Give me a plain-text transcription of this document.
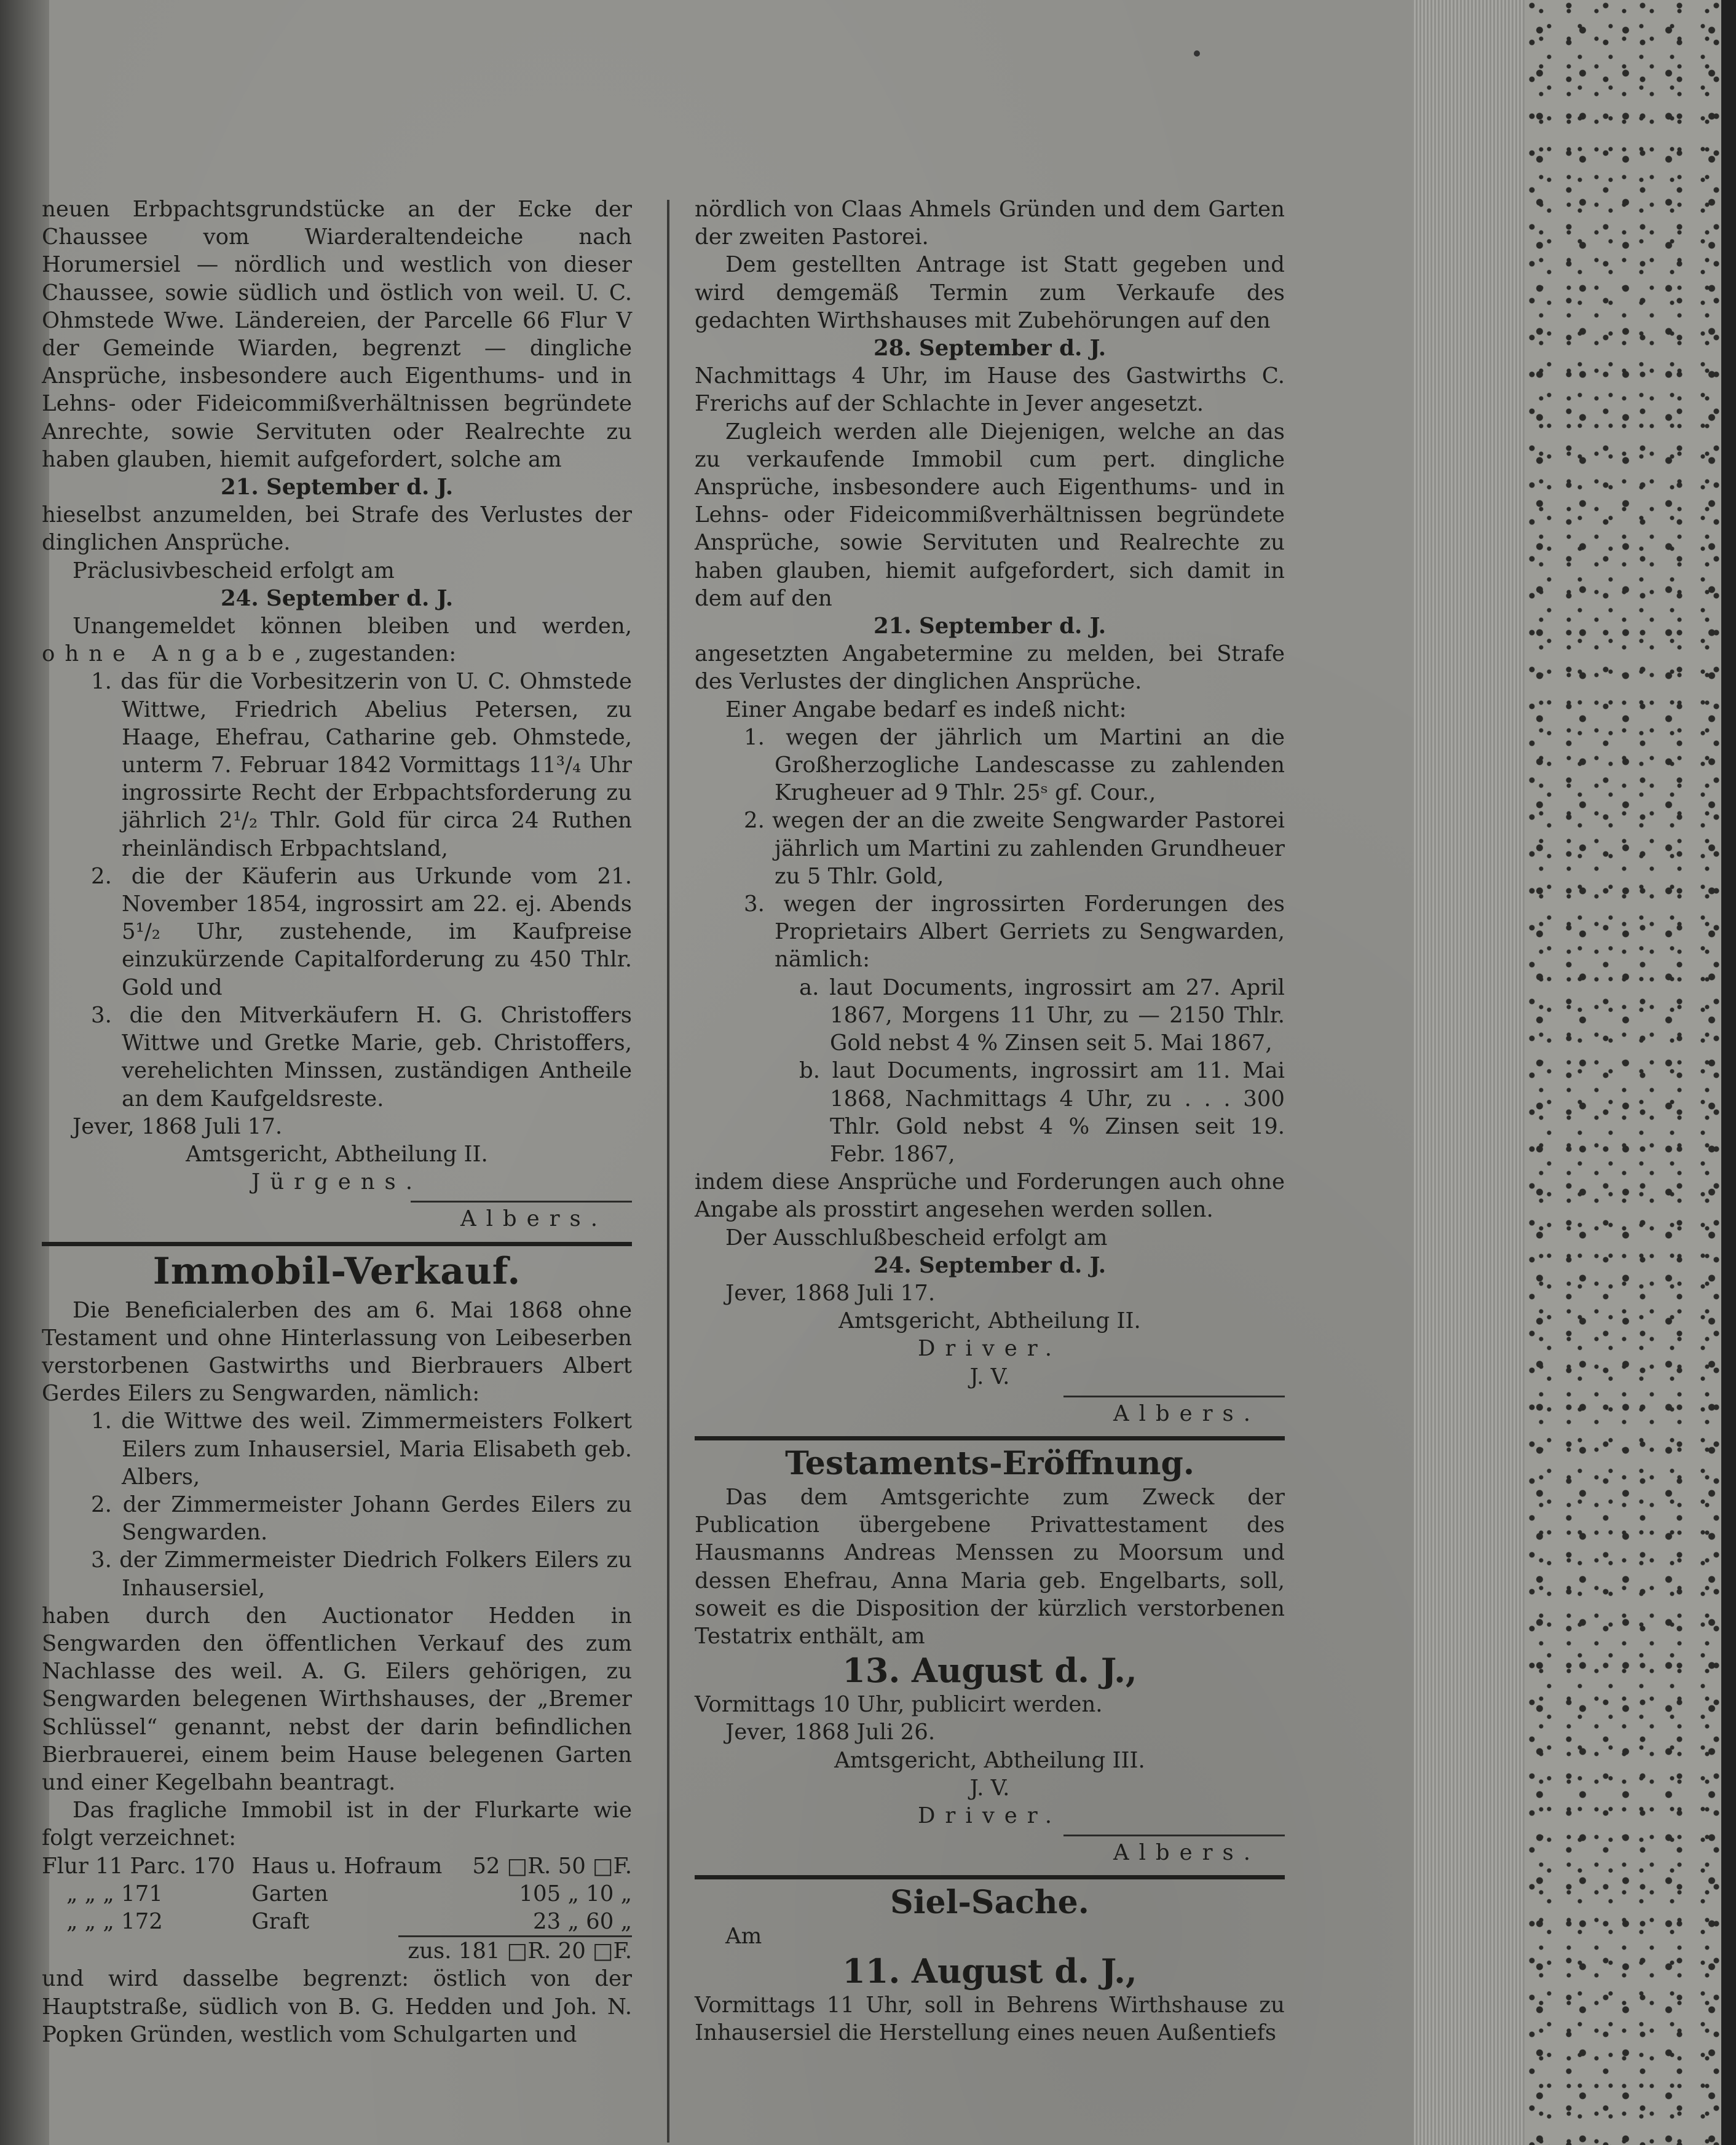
neuen Erbpachtsgrundstücke an der Ecke der Chaussee vom Wiarderaltendeiche nach Horumersiel — nördlich und westlich von dieser Chaussee, sowie südlich und östlich von weil. U. C. Ohmstede Wwe. Ländereien, der Parcelle 66 Flur V der Gemeinde Wiarden, begrenzt — dingliche Ansprüche, insbesondere auch Eigenthums- und in Lehns- oder Fideicommißverhältnissen begründete Anrechte, sowie Servituten oder Realrechte zu haben glauben, hiemit aufgefordert, solche am

21. September d. J.

hieselbst anzumelden, bei Strafe des Verlustes der dinglichen Ansprüche.

Präclusivbescheid erfolgt am

24. September d. J.

Unangemeldet können bleiben und werden, ohne Angabe, zugestanden:

1. das für die Vorbesitzerin von U. C. Ohmstede Wittwe, Friedrich Abelius Petersen, zu Haage, Ehefrau, Catharine geb. Ohmstede, unterm 7. Februar 1842 Vormittags 11³/₄ Uhr ingrossirte Recht der Erbpachtsforderung zu jährlich 2¹/₂ Thlr. Gold für circa 24 Ruthen rheinländisch Erbpachtsland,

2. die der Käuferin aus Urkunde vom 21. November 1854, ingrossirt am 22. ej. Abends 5¹/₂ Uhr, zustehende, im Kaufpreise einzukürzende Capitalforderung zu 450 Thlr. Gold und

3. die den Mitverkäufern H. G. Christoffers Wittwe und Gretke Marie, geb. Christoffers, verehelichten Minssen, zuständigen Antheile an dem Kaufgeldsreste.

Jever, 1868 Juli 17.

Amtsgericht, Abtheilung II.

Jürgens.

Albers.

Immobil-Verkauf.

Die Beneficialerben des am 6. Mai 1868 ohne Testament und ohne Hinterlassung von Leibeserben verstorbenen Gastwirths und Bierbrauers Albert Gerdes Eilers zu Sengwarden, nämlich:

1. die Wittwe des weil. Zimmermeisters Folkert Eilers zum Inhausersiel, Maria Elisabeth geb. Albers,

2. der Zimmermeister Johann Gerdes Eilers zu Sengwarden.

3. der Zimmermeister Diedrich Folkers Eilers zu Inhausersiel,

haben durch den Auctionator Hedden in Sengwarden den öffentlichen Verkauf des zum Nachlasse des weil. A. G. Eilers gehörigen, zu Sengwarden belegenen Wirthshauses, der „Bremer Schlüssel“ genannt, nebst der darin befindlichen Bierbrauerei, einem beim Hause belegenen Garten und einer Kegelbahn beantragt.

Das fragliche Immobil ist in der Flurkarte wie folgt verzeichnet:

Flur 11 Parc. 170	Haus u. Hofraum	52 □R. 50 □F.
„ „ „ 171	Garten	105 „ 10 „
„ „ „ 172	Graft	23 „ 60 „
zus. 181 □R. 20 □F.

und wird dasselbe begrenzt: östlich von der Hauptstraße, südlich von B. G. Hedden und Joh. N. Popken Gründen, westlich vom Schulgarten und

nördlich von Claas Ahmels Gründen und dem Garten der zweiten Pastorei.

Dem gestellten Antrage ist Statt gegeben und wird demgemäß Termin zum Verkaufe des gedachten Wirthshauses mit Zubehörungen auf den

28. September d. J.

Nachmittags 4 Uhr, im Hause des Gastwirths C. Frerichs auf der Schlachte in Jever angesetzt.

Zugleich werden alle Diejenigen, welche an das zu verkaufende Immobil cum pert. dingliche Ansprüche, insbesondere auch Eigenthums- und in Lehns- oder Fideicommißverhältnissen begründete Ansprüche, sowie Servituten und Realrechte zu haben glauben, hiemit aufgefordert, sich damit in dem auf den

21. September d. J.

angesetzten Angabetermine zu melden, bei Strafe des Verlustes der dinglichen Ansprüche.

Einer Angabe bedarf es indeß nicht:

1. wegen der jährlich um Martini an die Großherzogliche Landescasse zu zahlenden Krugheuer ad 9 Thlr. 25ˢ gf. Cour.,

2. wegen der an die zweite Sengwarder Pastorei jährlich um Martini zu zahlenden Grundheuer zu 5 Thlr. Gold,

3. wegen der ingrossirten Forderungen des Proprietairs Albert Gerriets zu Sengwarden, nämlich:

a. laut Documents, ingrossirt am 27. April 1867, Morgens 11 Uhr, zu — 2150 Thlr. Gold nebst 4 % Zinsen seit 5. Mai 1867,

b. laut Documents, ingrossirt am 11. Mai 1868, Nachmittags 4 Uhr, zu . . . 300 Thlr. Gold nebst 4 % Zinsen seit 19. Febr. 1867,

indem diese Ansprüche und Forderungen auch ohne Angabe als prosstirt angesehen werden sollen.

Der Ausschlußbescheid erfolgt am

24. September d. J.

Jever, 1868 Juli 17.

Amtsgericht, Abtheilung II.

Driver.

J. V.

Albers.

Testaments-Eröffnung.

Das dem Amtsgerichte zum Zweck der Publication übergebene Privattestament des Hausmanns Andreas Menssen zu Moorsum und dessen Ehefrau, Anna Maria geb. Engelbarts, soll, soweit es die Disposition der kürzlich verstorbenen Testatrix enthält, am

13. August d. J.,

Vormittags 10 Uhr, publicirt werden.

Jever, 1868 Juli 26.

Amtsgericht, Abtheilung III.

J. V.

Driver.

Albers.

Siel-Sache.

Am

11. August d. J.,

Vormittags 11 Uhr, soll in Behrens Wirthshause zu Inhausersiel die Herstellung eines neuen Außentiefs
